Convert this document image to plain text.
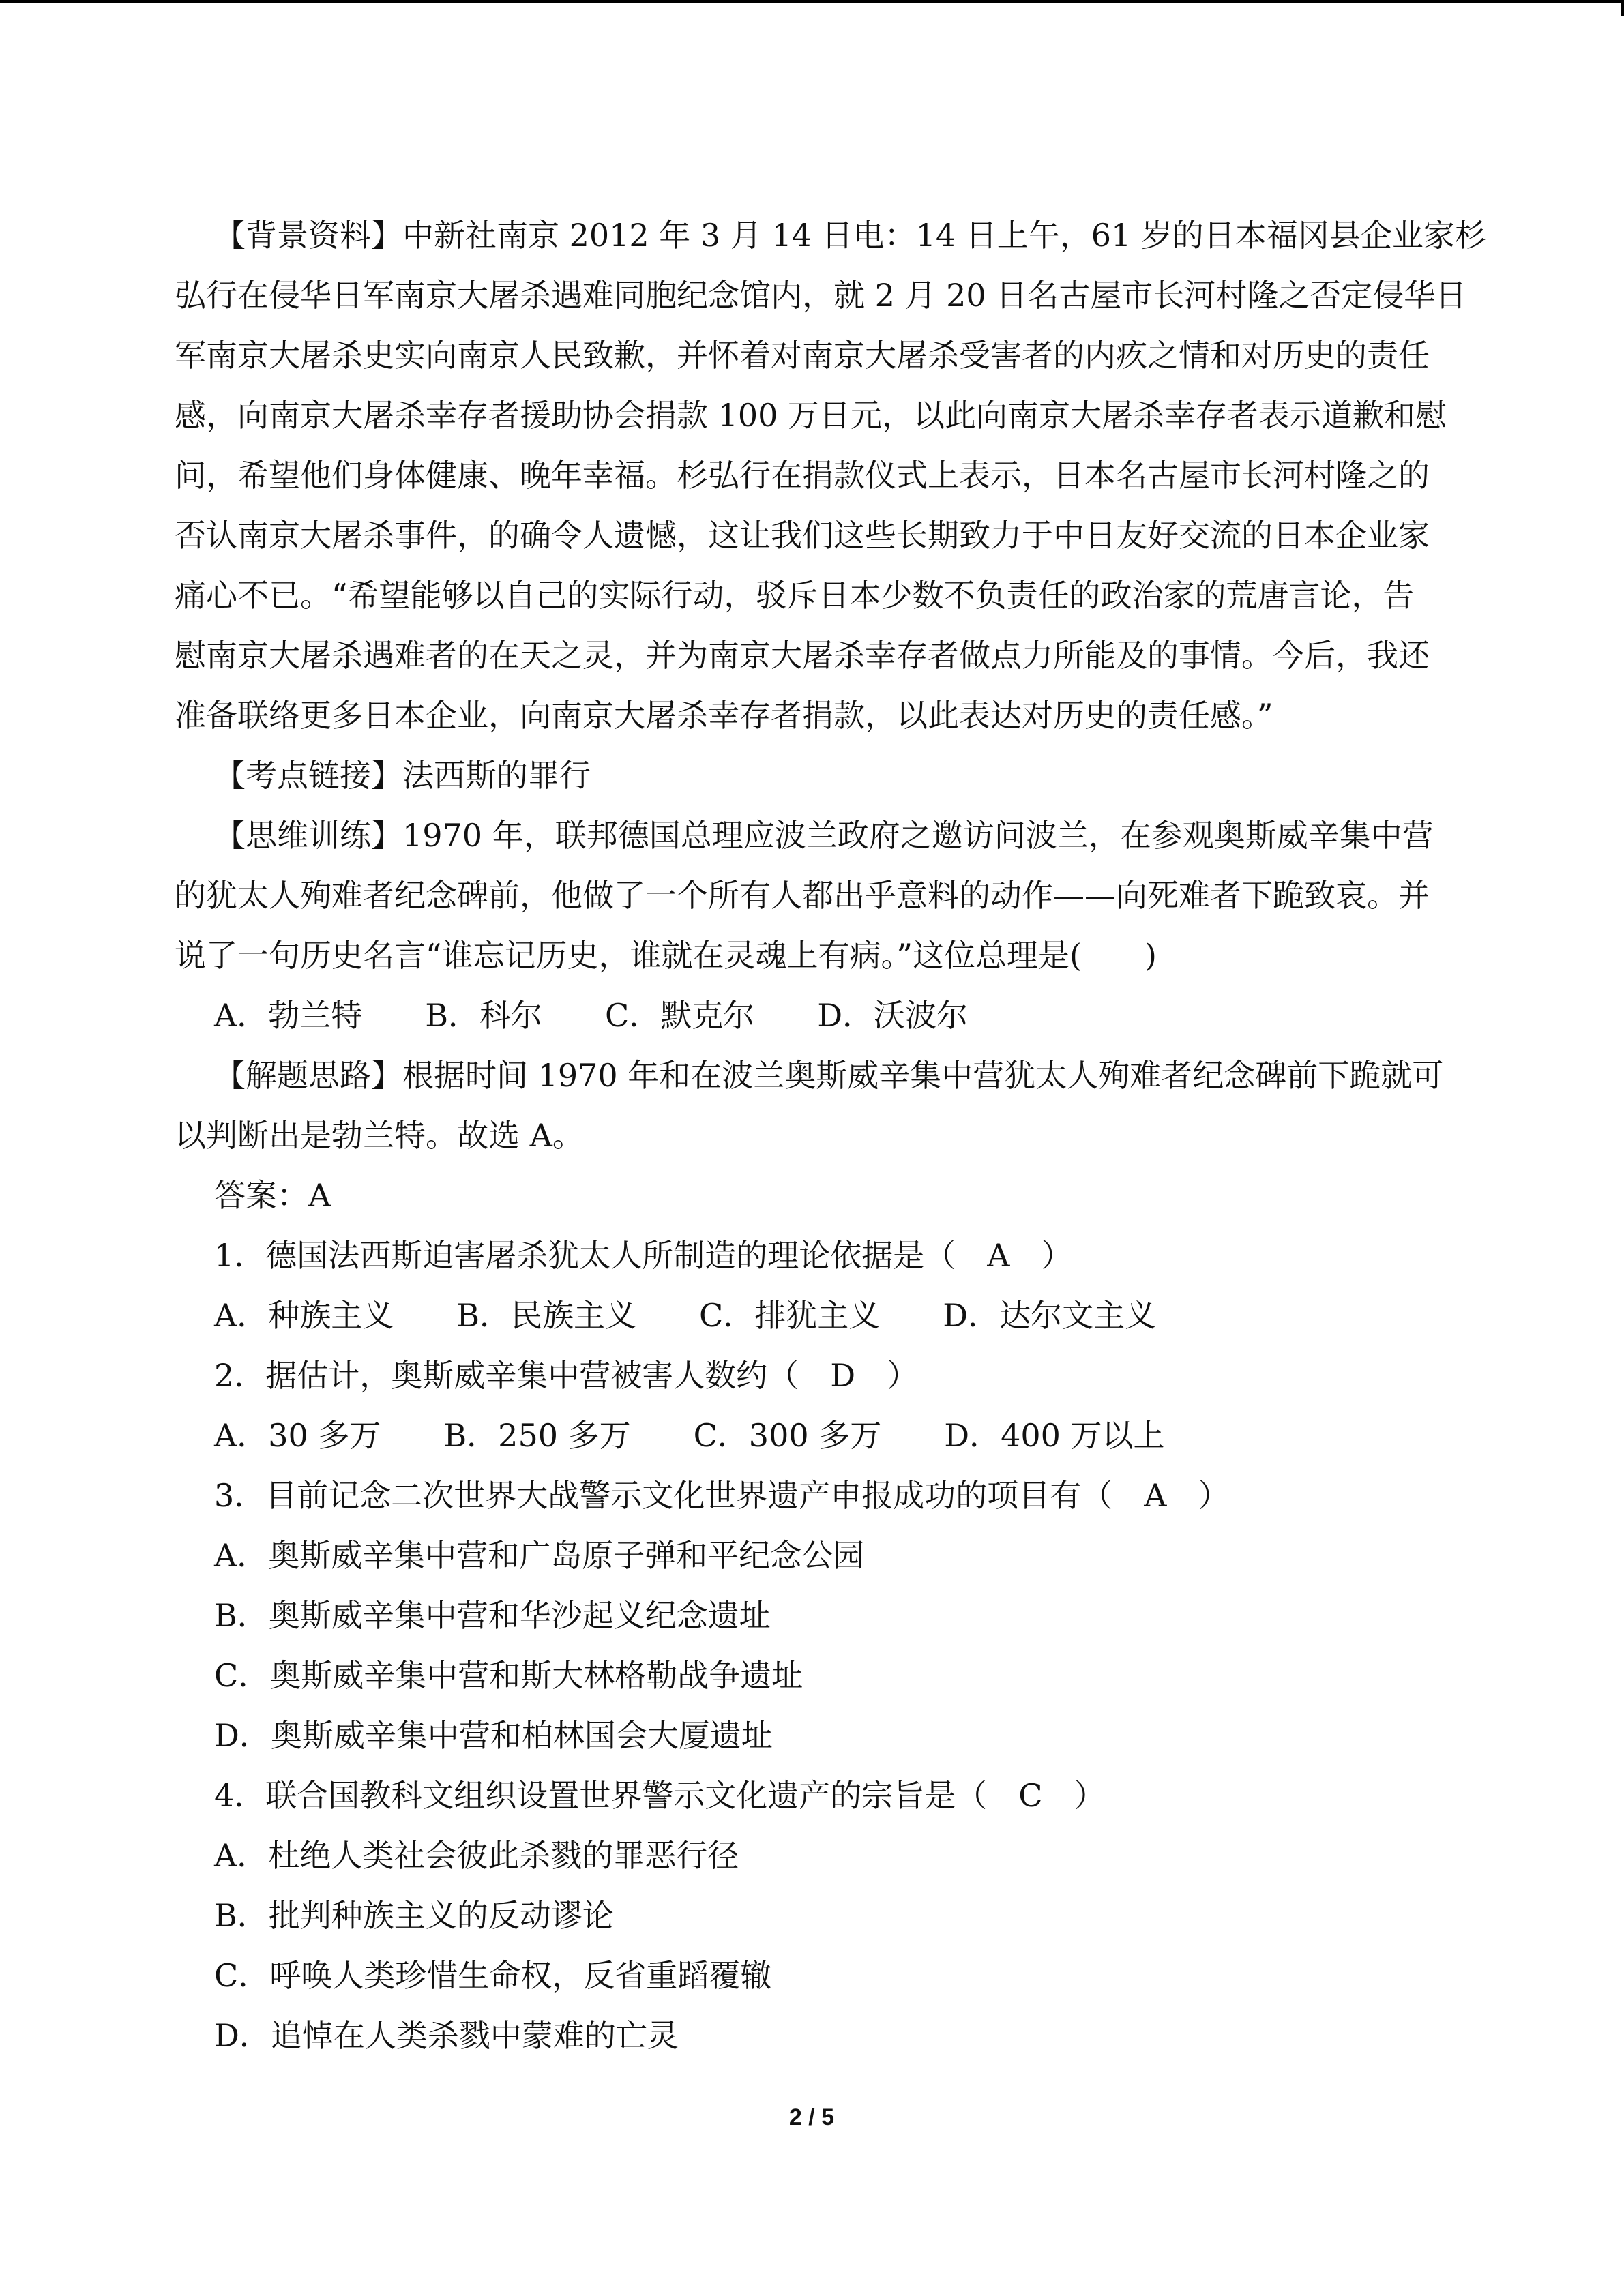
【背景资料】中新社南京 2012 年 3 月 14 日电：14 日上午，61 岁的日本福冈县企业家杉
弘行在侵华日军南京大屠杀遇难同胞纪念馆内，就 2 月 20 日名古屋市长河村隆之否定侵华日
军南京大屠杀史实向南京人民致歉，并怀着对南京大屠杀受害者的内疚之情和对历史的责任
感，向南京大屠杀幸存者援助协会捐款 100 万日元，以此向南京大屠杀幸存者表示道歉和慰
问，希望他们身体健康、晚年幸福。杉弘行在捐款仪式上表示，日本名古屋市长河村隆之的
否认南京大屠杀事件，的确令人遗憾，这让我们这些长期致力于中日友好交流的日本企业家
痛心不已。“希望能够以自己的实际行动，驳斥日本少数不负责任的政治家的荒唐言论，告
慰南京大屠杀遇难者的在天之灵，并为南京大屠杀幸存者做点力所能及的事情。今后，我还
准备联络更多日本企业，向南京大屠杀幸存者捐款，以此表达对历史的责任感。”
【考点链接】法西斯的罪行
【思维训练】1970 年，联邦德国总理应波兰政府之邀访问波兰，在参观奥斯威辛集中营
的犹太人殉难者纪念碑前，他做了一个所有人都出乎意料的动作——向死难者下跪致哀。并
说了一句历史名言“谁忘记历史，谁就在灵魂上有病。”这位总理是(　　)
A．勃兰特　　B．科尔　　C．默克尔　　D．沃波尔
【解题思路】根据时间 1970 年和在波兰奥斯威辛集中营犹太人殉难者纪念碑前下跪就可
以判断出是勃兰特。故选 A。
答案：A
1．德国法西斯迫害屠杀犹太人所制造的理论依据是（　A　）
A．种族主义　　B．民族主义　　C．排犹主义　　D．达尔文主义
2．据估计，奥斯威辛集中营被害人数约（　D　）
A．30 多万　　B．250 多万　　C．300 多万　　D．400 万以上
3．目前记念二次世界大战警示文化世界遗产申报成功的项目有（　A　）
A．奥斯威辛集中营和广岛原子弹和平纪念公园
B．奥斯威辛集中营和华沙起义纪念遗址
C．奥斯威辛集中营和斯大林格勒战争遗址
D．奥斯威辛集中营和柏林国会大厦遗址
4．联合国教科文组织设置世界警示文化遗产的宗旨是（　C　）
A．杜绝人类社会彼此杀戮的罪恶行径
B．批判种族主义的反动谬论
C．呼唤人类珍惜生命权，反省重蹈覆辙
D．追悼在人类杀戮中蒙难的亡灵
2 / 5
